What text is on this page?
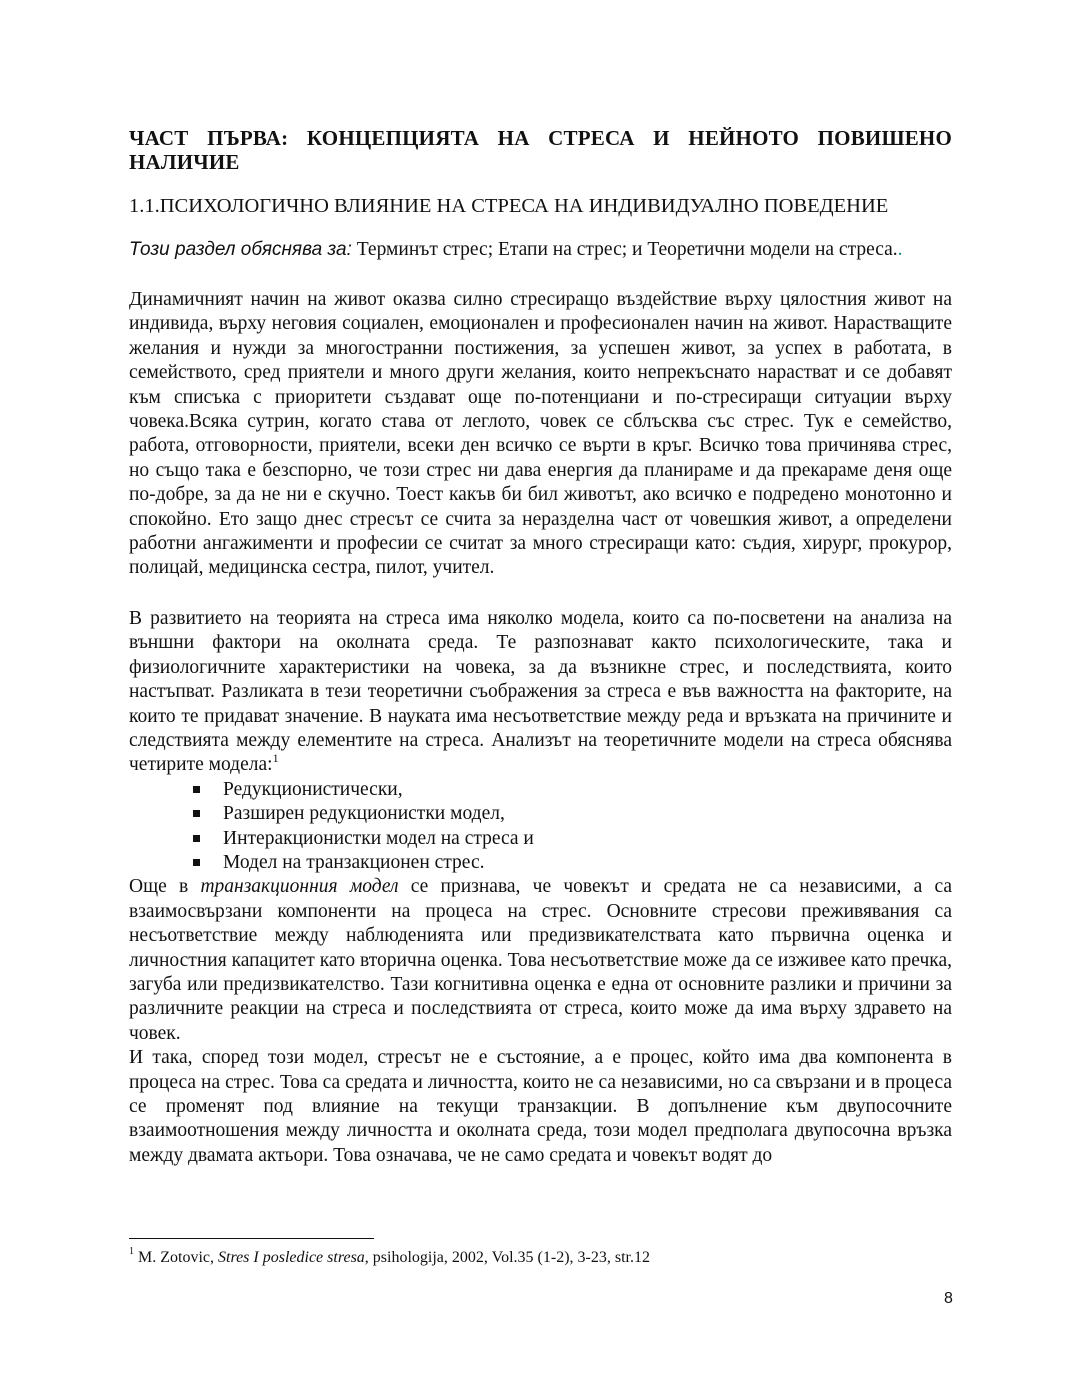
ЧАСТ ПЪРВА: КОНЦЕПЦИЯТА НА СТРЕСА И НЕЙНОТО ПОВИШЕНО НАЛИЧИЕ
1.1.ПСИХОЛОГИЧНО ВЛИЯНИЕ НА СТРЕСА НА ИНДИВИДУАЛНО ПОВЕДЕНИЕ

Този раздел обяснява за: Терминът стрес; Етапи на стрес; и Теоретични модели на стреса..

Динамичният начин на живот оказва силно стресиращо въздействие върху цялостния живот на индивида, върху неговия социален, емоционален и професионален начин на живот. Нарастващите желания и нужди за многостранни постижения, за успешен живот, за успех в работата, в семейството, сред приятели и много други желания, които непрекъснато нарастват и се добавят към списъка с приоритети създават още по-потенциани и по-стресиращи ситуации върху човека.Всяка сутрин, когато става от леглото, човек се сблъсква със стрес. Тук е семейство, работа, отговорности, приятели, всеки ден всичко се върти в кръг. Всичко това причинява стрес, но също така е безспорно, че този стрес ни дава енергия да планираме и да прекараме деня още по-добре, за да не ни е скучно. Тоест какъв би бил животът, ако всичко е подредено монотонно и спокойно. Ето защо днес стресът се счита за неразделна част от човешкия живот, а определени работни ангажименти и професии се считат за много стресиращи като: съдия, хирург, прокурор, полицай, медицинска сестра, пилот, учител.

В развитието на теорията на стреса има няколко модела, които са по-посветени на анализа на външни фактори на околната среда. Те разпознават както психологическите, така и физиологичните характеристики на човека, за да възникне стрес, и последствията, които настъпват. Разликата в тези теоретични съображения за стреса е във важността на факторите, на които те придават значение. В науката има несъответствие между реда и връзката на причините и следствията между елементите на стреса. Анализът на теоретичните модели на стреса обяснява четирите модела:$^1$

Редукционистически,
Разширен редукционистки модел,
Интеракционистки модел на стреса и
Модел на транзакционен стрес.

Още в транзакционния модел се признава, че човекът и средата не са независими, а са взаимосвързани компоненти на процеса на стрес. Основните стресови преживявания са несъответствие между наблюденията или предизвикателствата като първична оценка и личностния капацитет като вторична оценка. Това несъответствие може да се изживее като пречка, загуба или предизвикателство. Тази когнитивна оценка е една от основните разлики и причини за различните реакции на стреса и последствията от стреса, които може да има върху здравето на човек.

И така, според този модел, стресът не е състояние, а е процес, който има два компонента в процеса на стрес. Това са средата и личността, които не са независими, но са свързани и в процеса се променят под влияние на текущи транзакции. В допълнение към двупосочните взаимоотношения между личността и околната среда, този модел предполага двупосочна връзка между двамата актьори. Това означава, че не само средата и човекът водят до

$^1$ M. Zotovic, Stres I posledice stresa, psihologija, 2002, Vol.35 (1-2), 3-23, str.12
8
